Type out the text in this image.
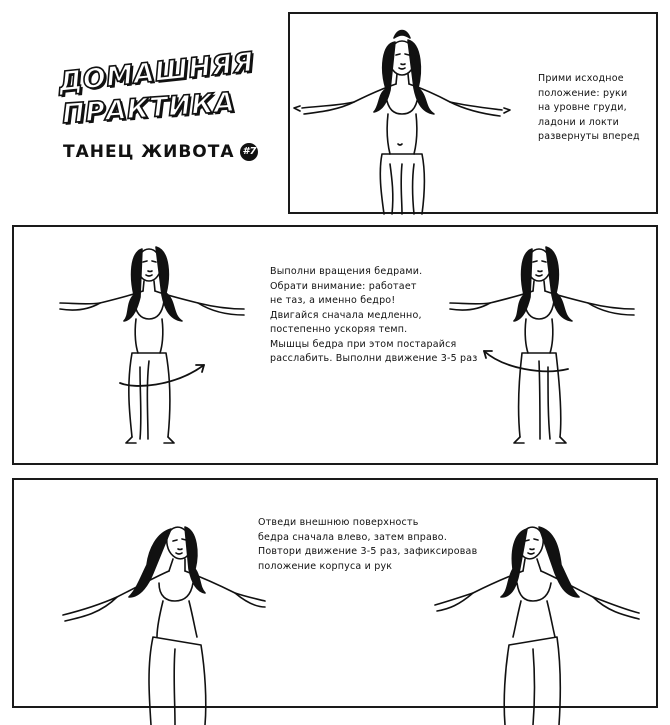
ДОМАШНЯЯ
ПРАКТИКА
ТАНЕЦ ЖИВОТА #7
Прими исходное
положение: руки
на уровне груди,
ладони и локти
развернуты вперед
Выполни вращения бедрами.
Обрати внимание: работает
не таз, а именно бедро!
Двигайся сначала медленно,
постепенно ускоряя темп.
Мышцы бедра при этом постарайся
расслабить. Выполни движение 3-5 раз
Отведи внешнюю поверхность
бедра сначала влево, затем вправо.
Повтори движение 3-5 раз, зафиксировав
положение корпуса и рук
